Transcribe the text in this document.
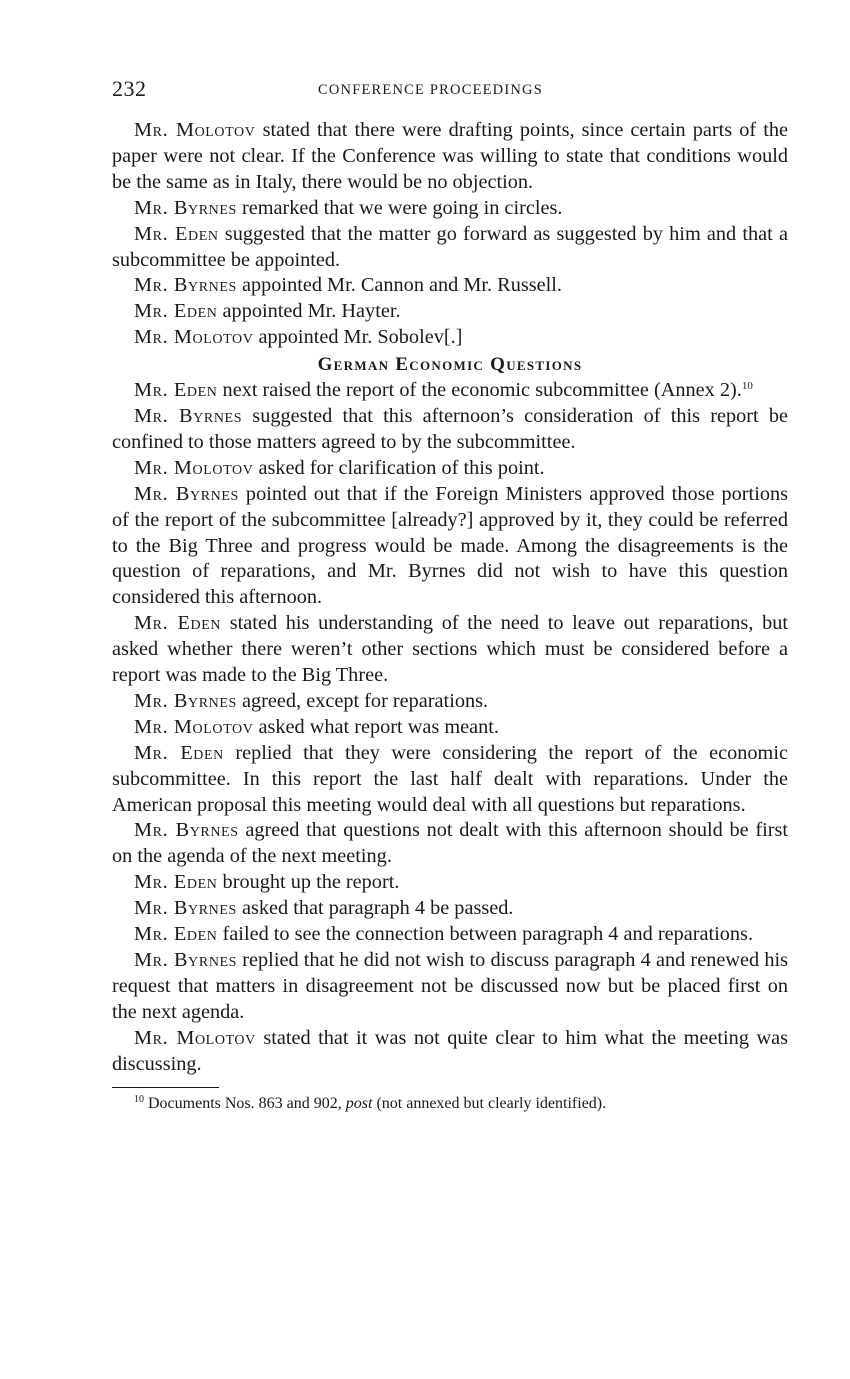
232	CONFERENCE PROCEEDINGS

Mr. Molotov stated that there were drafting points, since certain parts of the paper were not clear. If the Conference was willing to state that conditions would be the same as in Italy, there would be no objection.

Mr. Byrnes remarked that we were going in circles.

Mr. Eden suggested that the matter go forward as suggested by him and that a subcommittee be appointed.

Mr. Byrnes appointed Mr. Cannon and Mr. Russell.

Mr. Eden appointed Mr. Hayter.

Mr. Molotov appointed Mr. Sobolev[.]

German Economic Questions

Mr. Eden next raised the report of the economic subcommittee (Annex 2).$^{10}$

Mr. Byrnes suggested that this afternoon’s consideration of this report be confined to those matters agreed to by the subcommittee.

Mr. Molotov asked for clarification of this point.

Mr. Byrnes pointed out that if the Foreign Ministers approved those portions of the report of the subcommittee [already?] approved by it, they could be referred to the Big Three and progress would be made. Among the disagreements is the question of reparations, and Mr. Byrnes did not wish to have this question considered this afternoon.

Mr. Eden stated his understanding of the need to leave out reparations, but asked whether there weren’t other sections which must be considered before a report was made to the Big Three.

Mr. Byrnes agreed, except for reparations.

Mr. Molotov asked what report was meant.

Mr. Eden replied that they were considering the report of the economic subcommittee. In this report the last half dealt with reparations. Under the American proposal this meeting would deal with all questions but reparations.

Mr. Byrnes agreed that questions not dealt with this afternoon should be first on the agenda of the next meeting.

Mr. Eden brought up the report.

Mr. Byrnes asked that paragraph 4 be passed.

Mr. Eden failed to see the connection between paragraph 4 and reparations.

Mr. Byrnes replied that he did not wish to discuss paragraph 4 and renewed his request that matters in disagreement not be discussed now but be placed first on the next agenda.

Mr. Molotov stated that it was not quite clear to him what the meeting was discussing.

$^{10}$ Documents Nos. 863 and 902, post (not annexed but clearly identified).
